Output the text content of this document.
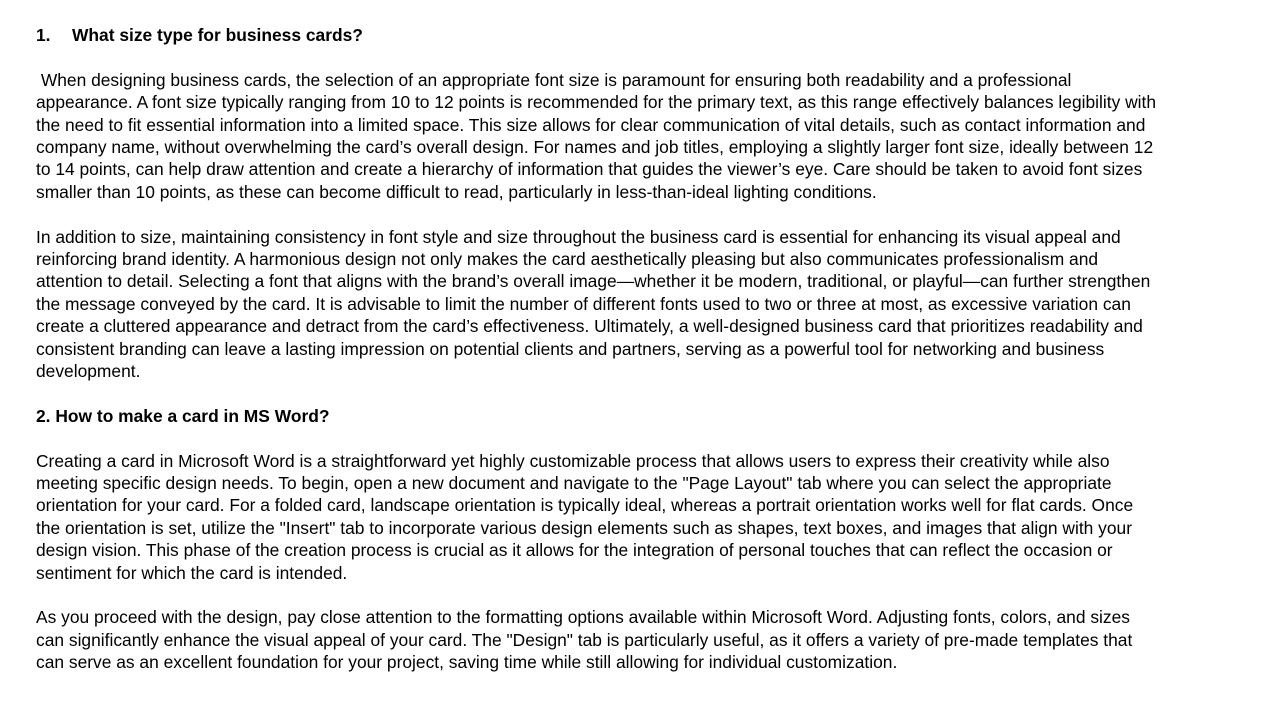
1. What size type for business cards?

When designing business cards, the selection of an appropriate font size is paramount for ensuring both readability and a professional
appearance. A font size typically ranging from 10 to 12 points is recommended for the primary text, as this range effectively balances legibility with
the need to fit essential information into a limited space. This size allows for clear communication of vital details, such as contact information and
company name, without overwhelming the card’s overall design. For names and job titles, employing a slightly larger font size, ideally between 12
to 14 points, can help draw attention and create a hierarchy of information that guides the viewer’s eye. Care should be taken to avoid font sizes
smaller than 10 points, as these can become difficult to read, particularly in less-than-ideal lighting conditions.

In addition to size, maintaining consistency in font style and size throughout the business card is essential for enhancing its visual appeal and
reinforcing brand identity. A harmonious design not only makes the card aesthetically pleasing but also communicates professionalism and
attention to detail. Selecting a font that aligns with the brand’s overall image—whether it be modern, traditional, or playful—can further strengthen
the message conveyed by the card. It is advisable to limit the number of different fonts used to two or three at most, as excessive variation can
create a cluttered appearance and detract from the card’s effectiveness. Ultimately, a well-designed business card that prioritizes readability and
consistent branding can leave a lasting impression on potential clients and partners, serving as a powerful tool for networking and business
development.

2. How to make a card in MS Word?

Creating a card in Microsoft Word is a straightforward yet highly customizable process that allows users to express their creativity while also
meeting specific design needs. To begin, open a new document and navigate to the "Page Layout" tab where you can select the appropriate
orientation for your card. For a folded card, landscape orientation is typically ideal, whereas a portrait orientation works well for flat cards. Once
the orientation is set, utilize the "Insert" tab to incorporate various design elements such as shapes, text boxes, and images that align with your
design vision. This phase of the creation process is crucial as it allows for the integration of personal touches that can reflect the occasion or
sentiment for which the card is intended.

As you proceed with the design, pay close attention to the formatting options available within Microsoft Word. Adjusting fonts, colors, and sizes
can significantly enhance the visual appeal of your card. The "Design" tab is particularly useful, as it offers a variety of pre-made templates that
can serve as an excellent foundation for your project, saving time while still allowing for individual customization.
